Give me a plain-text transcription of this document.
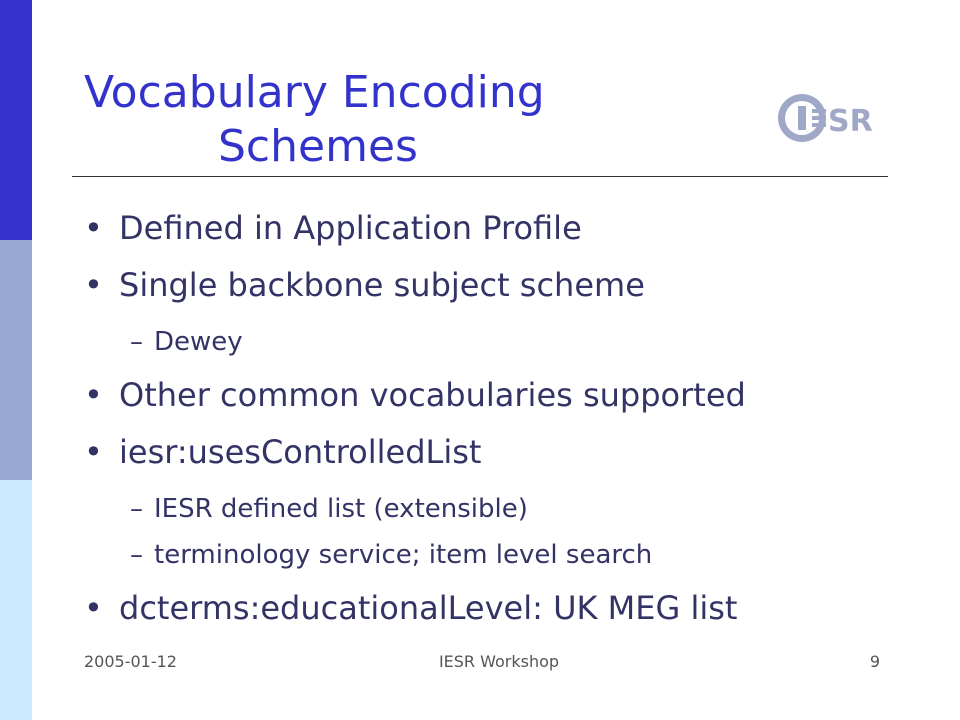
Vocabulary Encoding
Schemes	SR
• Defined in Application Profile
• Single backbone subject scheme
– Dewey
• Other common vocabularies supported
• iesr:usesControlledList
– IESR defined list (extensible)
– terminology service; item level search
• dcterms:educationalLevel: UK MEG list
2005-01-12	IESR Workshop	9
